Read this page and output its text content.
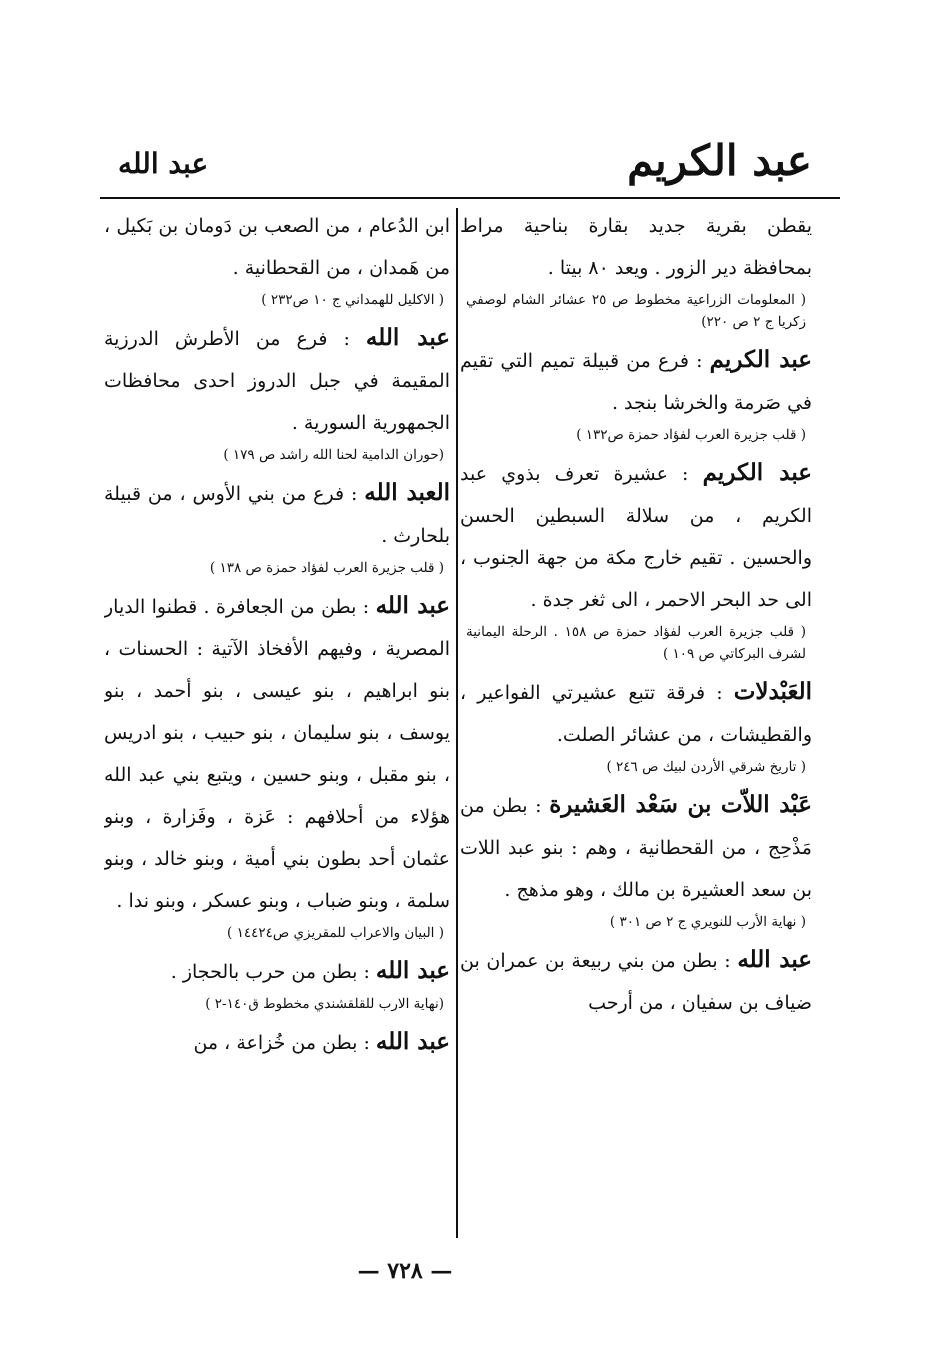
عبد الكريم
عبد الله

يقطن بقرية جديد بقارة بناحية مراط بمحافظة دير الزور . ويعد ٨٠ بيتا .

( المعلومات الزراعية مخطوط ص ٢٥ عشائر الشام لوصفي زكريا ج ٢ ص ٢٢٠)

عبد الكريم : فرع من قبيلة تميم التي تقيم في صَرمة والخرشا بنجد .

( قلب جزيرة العرب لفؤاد حمزة ص١٣٢ )

عبد الكريم : عشيرة تعرف بذوي عبد الكريم ، من سلالة السبطين الحسن والحسين . تقيم خارج مكة من جهة الجنوب ، الى حد البحر الاحمر ، الى ثغر جدة .

( قلب جزيرة العرب لفؤاد حمزة ص ١٥٨ . الرحلة اليمانية لشرف البركاتي ص ١٠٩ )

العَبْدلات : فرقة تتبع عشيرتي الفواعير ، والقطيشات ، من عشائر الصلت.

( تاريخ شرقي الأردن لبيك ص ٢٤٦ )

عَبْد اللاّت بن سَعْد العَشيرة : بطن من مَذْحِج ، من القحطانية ، وهم : بنو عبد اللات بن سعد العشيرة بن مالك ، وهو مذهج .

( نهاية الأرب للنويري ج ٢ ص ٣٠١ )

عبد الله : بطن من بني ربيعة بن عمران بن ضياف بن سفيان ، من أرحب

ابن الدُعام ، من الصعب بن دَومان بن بَكيل ، من هَمدان ، من القحطانية .

( الاكليل للهمداني ج ١٠ ص٢٣٢ )

عبد الله : فرع من الأطرش الدرزية المقيمة في جبل الدروز احدى محافظات الجمهورية السورية .

(حوران الدامية لحنا الله راشد ص ١٧٩ )

العبد الله : فرع من بني الأوس ، من قبيلة بلحارث .

( قلب جزيرة العرب لفؤاد حمزة ص ١٣٨ )

عبد الله : بطن من الجعافرة . قطنوا الديار المصرية ، وفيهم الأفخاذ الآتية : الحسنات ، بنو ابراهيم ، بنو عيسى ، بنو أحمد ، بنو يوسف ، بنو سليمان ، بنو حبيب ، بنو ادريس ، بنو مقبل ، وبنو حسين ، ويتبع بني عبد الله هؤلاء من أحلافهم : عَزة ، وفَزارة ، وبنو عثمان أحد بطون بني أمية ، وبنو خالد ، وبنو سلمة ، وبنو ضباب ، وبنو عسكر ، وبنو ندا .

( البيان والاعراب للمقريزي ص١٤٤٢٤ )

عبد الله : بطن من حرب بالحجاز .

(نهاية الارب للقلقشندي مخطوط ق١٤٠-٢ )

عبد الله : بطن من خُزاعة ، من

— ٧٢٨ —
